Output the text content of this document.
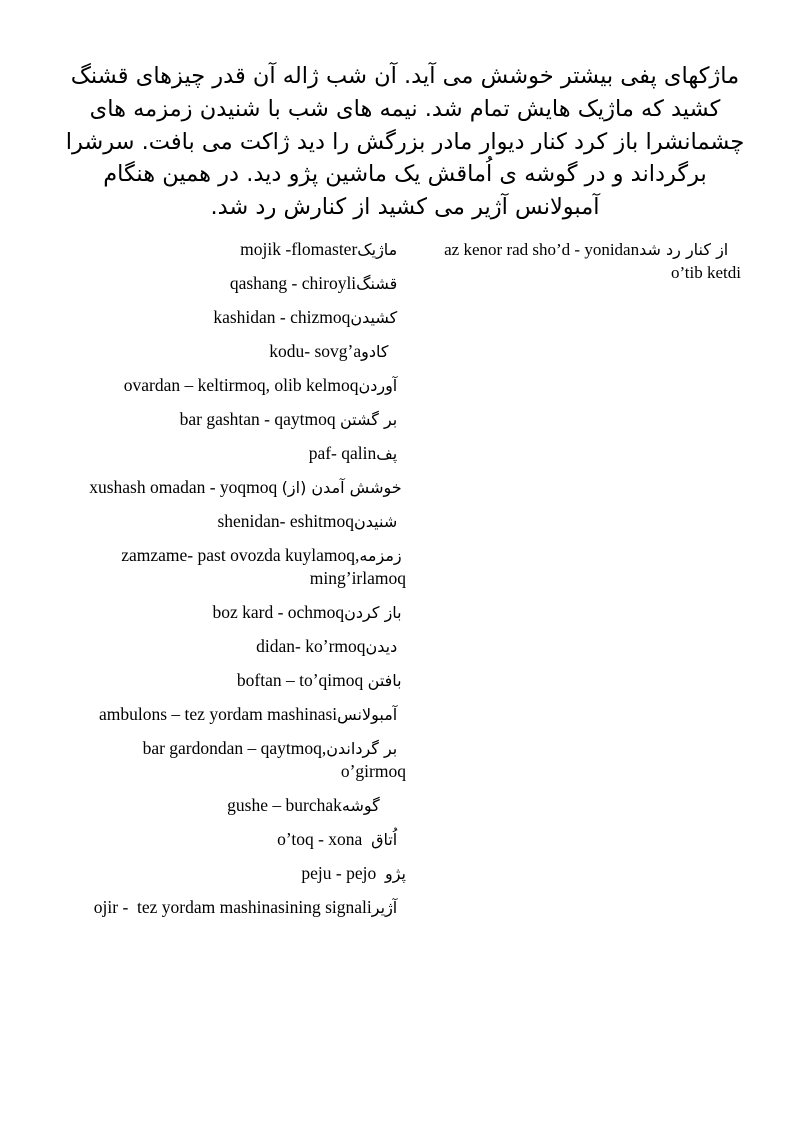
ماژکهای پفی بیشتر خوشش می آید. آن شب ژاله آن قدر چیزهای قشنگ کشید که ماژیک هایش تمام شد. نیمه های شب با شنیدن زمزمه های چشمانشرا باز کرد کنار دیوار مادر بزرگش را دید ژاکت می بافت. سرشرا برگرداند و در گوشه ی اُماقش یک ماشین پژو دید. در همین هنگام آمبولانس آژیر می کشید از کنارش رد شد.
ماژیکmojik -flomaster
قشنگqashang - chiroyli
کشیدنkashidan - chizmoq
کادوkodu- sovg’a
آوردنovardan – keltirmoq, olib kelmoq
بر گشتن bar gashtan - qaytmoq
پفpaf- qalin
خوشش آمدن (از) xushash omadan - yoqmoq
شنیدنshenidan- eshitmoq
زمزمهzamzame- past ovozda kuylamoq, ming’irlamoq
باز کردنboz kard - ochmoq
دیدنdidan- ko’rmoq
بافتن boftan – to’qimoq
آمبولانسambulons – tez yordam mashinasi
بر گرداندنbar gardondan – qaytmoq, o’girmoq
گوشهgushe – burchak
اُتاق  o’toq - xona
پژو  peju - pejo
آژیرojir -  tez yordam mashinasining signali
از کنار رد شدaz kenor rad sho’d - yonidan o’tib ketdi
